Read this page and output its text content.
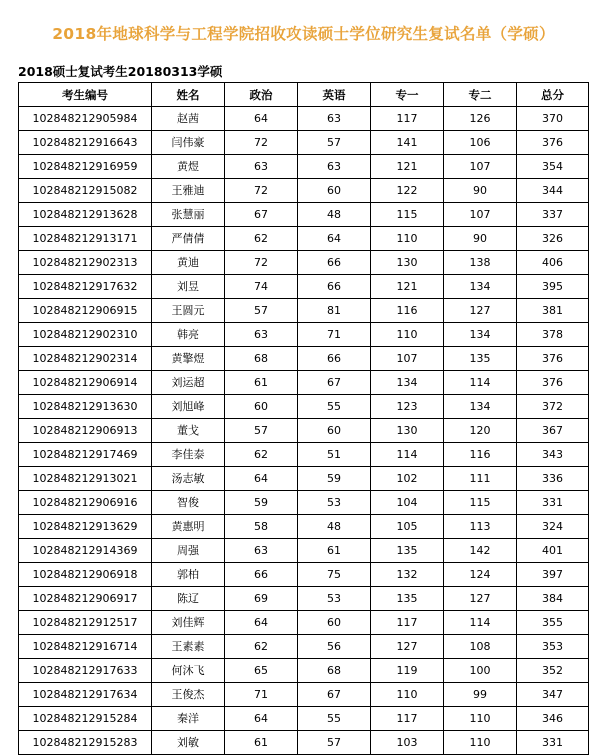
2018年地球科学与工程学院招收攻读硕士学位研究生复试名单（学硕）
2018硕士复试考生20180313学硕
考生编号	姓名	政治	英语	专一	专二	总分
102848212905984	赵茜	64	63	117	126	370
102848212916643	闫伟豪	72	57	141	106	376
102848212916959	黄煜	63	63	121	107	354
102848212915082	王雅迪	72	60	122	90	344
102848212913628	张慧丽	67	48	115	107	337
102848212913171	严倩倩	62	64	110	90	326
102848212902313	黄迪	72	66	130	138	406
102848212917632	刘昱	74	66	121	134	395
102848212906915	王圆元	57	81	116	127	381
102848212902310	韩亮	63	71	110	134	378
102848212902314	黄擎煜	68	66	107	135	376
102848212906914	刘运超	61	67	134	114	376
102848212913630	刘旭峰	60	55	123	134	372
102848212906913	董戈	57	60	130	120	367
102848212917469	李佳泰	62	51	114	116	343
102848212913021	汤志敏	64	59	102	111	336
102848212906916	智俊	59	53	104	115	331
102848212913629	黄惠明	58	48	105	113	324
102848212914369	周强	63	61	135	142	401
102848212906918	郭柏	66	75	132	124	397
102848212906917	陈辽	69	53	135	127	384
102848212912517	刘佳辉	64	60	117	114	355
102848212916714	王素素	62	56	127	108	353
102848212917633	何沐飞	65	68	119	100	352
102848212917634	王俊杰	71	67	110	99	347
102848212915284	秦洋	64	55	117	110	346
102848212915283	刘敏	61	57	103	110	331
